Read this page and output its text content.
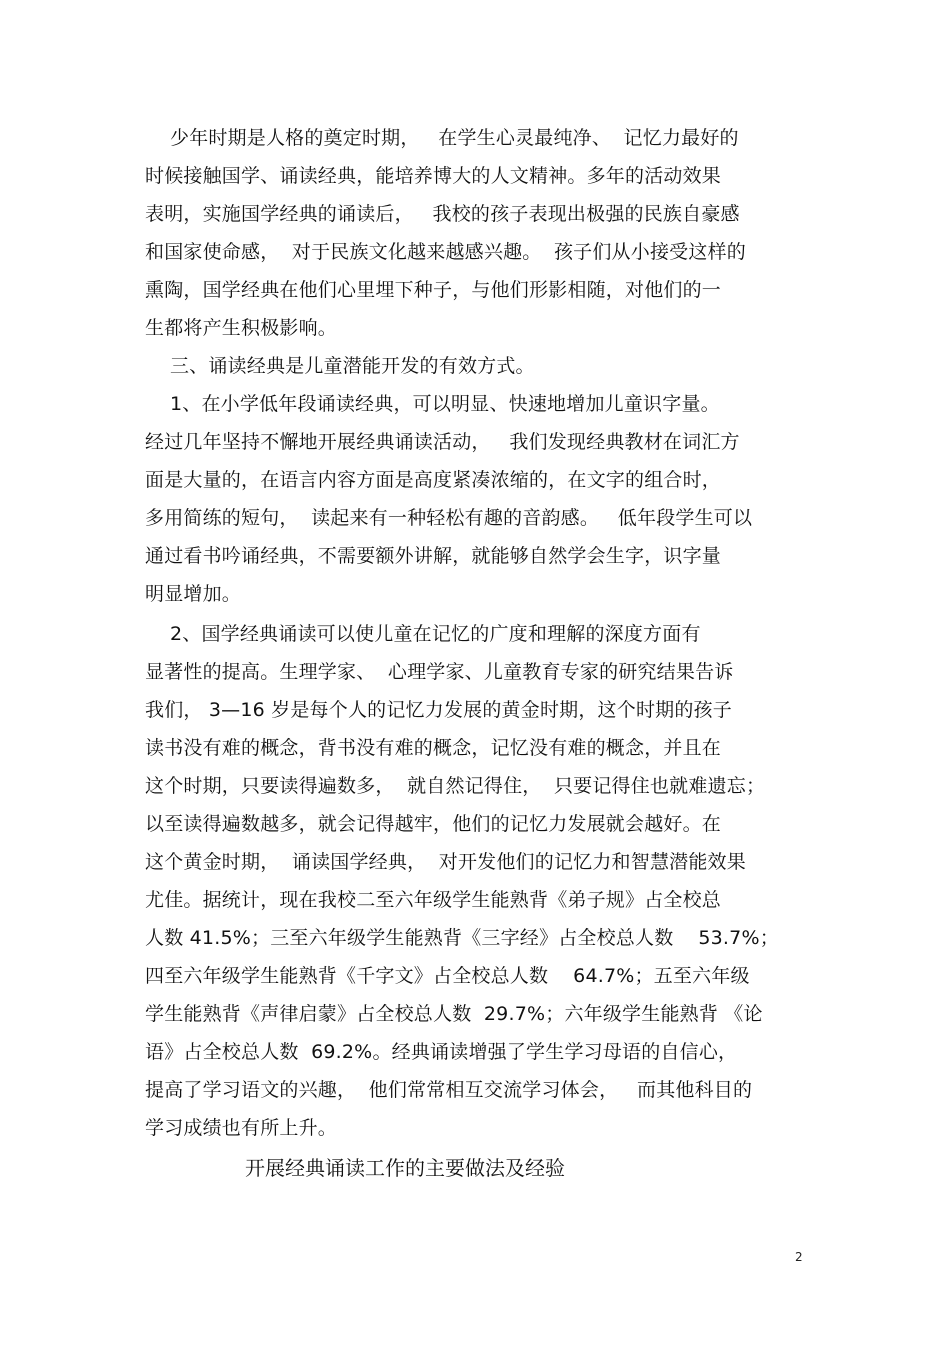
少年时期是人格的奠定时期，   在学生心灵最纯净、  记忆力最好的
时候接触国学、诵读经典，能培养博大的人文精神。多年的活动效果
表明，实施国学经典的诵读后，   我校的孩子表现出极强的民族自豪感
和国家使命感，  对于民族文化越来越感兴趣。  孩子们从小接受这样的
熏陶，国学经典在他们心里埋下种子，与他们形影相随，对他们的一
生都将产生积极影响。
三、诵读经典是儿童潜能开发的有效方式。
1、在小学低年段诵读经典，可以明显、快速地增加儿童识字量。
经过几年坚持不懈地开展经典诵读活动，   我们发现经典教材在词汇方
面是大量的，在语言内容方面是高度紧凑浓缩的，在文字的组合时，
多用简练的短句，  读起来有一种轻松有趣的音韵感。   低年段学生可以
通过看书吟诵经典，不需要额外讲解，就能够自然学会生字，识字量
明显增加。
2、国学经典诵读可以使儿童在记忆的广度和理解的深度方面有
显著性的提高。生理学家、  心理学家、儿童教育专家的研究结果告诉
我们， 3—16 岁是每个人的记忆力发展的黄金时期，这个时期的孩子
读书没有难的概念，背书没有难的概念，记忆没有难的概念，并且在
这个时期，只要读得遍数多，  就自然记得住，  只要记得住也就难遗忘；
以至读得遍数越多，就会记得越牢，他们的记忆力发展就会越好。在
这个黄金时期，  诵读国学经典，  对开发他们的记忆力和智慧潜能效果
尤佳。据统计，现在我校二至六年级学生能熟背《弟子规》占全校总
人数 41.5%；三至六年级学生能熟背《三字经》占全校总人数    53.7%；
四至六年级学生能熟背《千字文》占全校总人数    64.7%；五至六年级
学生能熟背《声律启蒙》占全校总人数  29.7%；六年级学生能熟背 《论
语》占全校总人数  69.2%。经典诵读增强了学生学习母语的自信心，
提高了学习语文的兴趣，  他们常常相互交流学习体会，   而其他科目的
学习成绩也有所上升。
开展经典诵读工作的主要做法及经验
2
